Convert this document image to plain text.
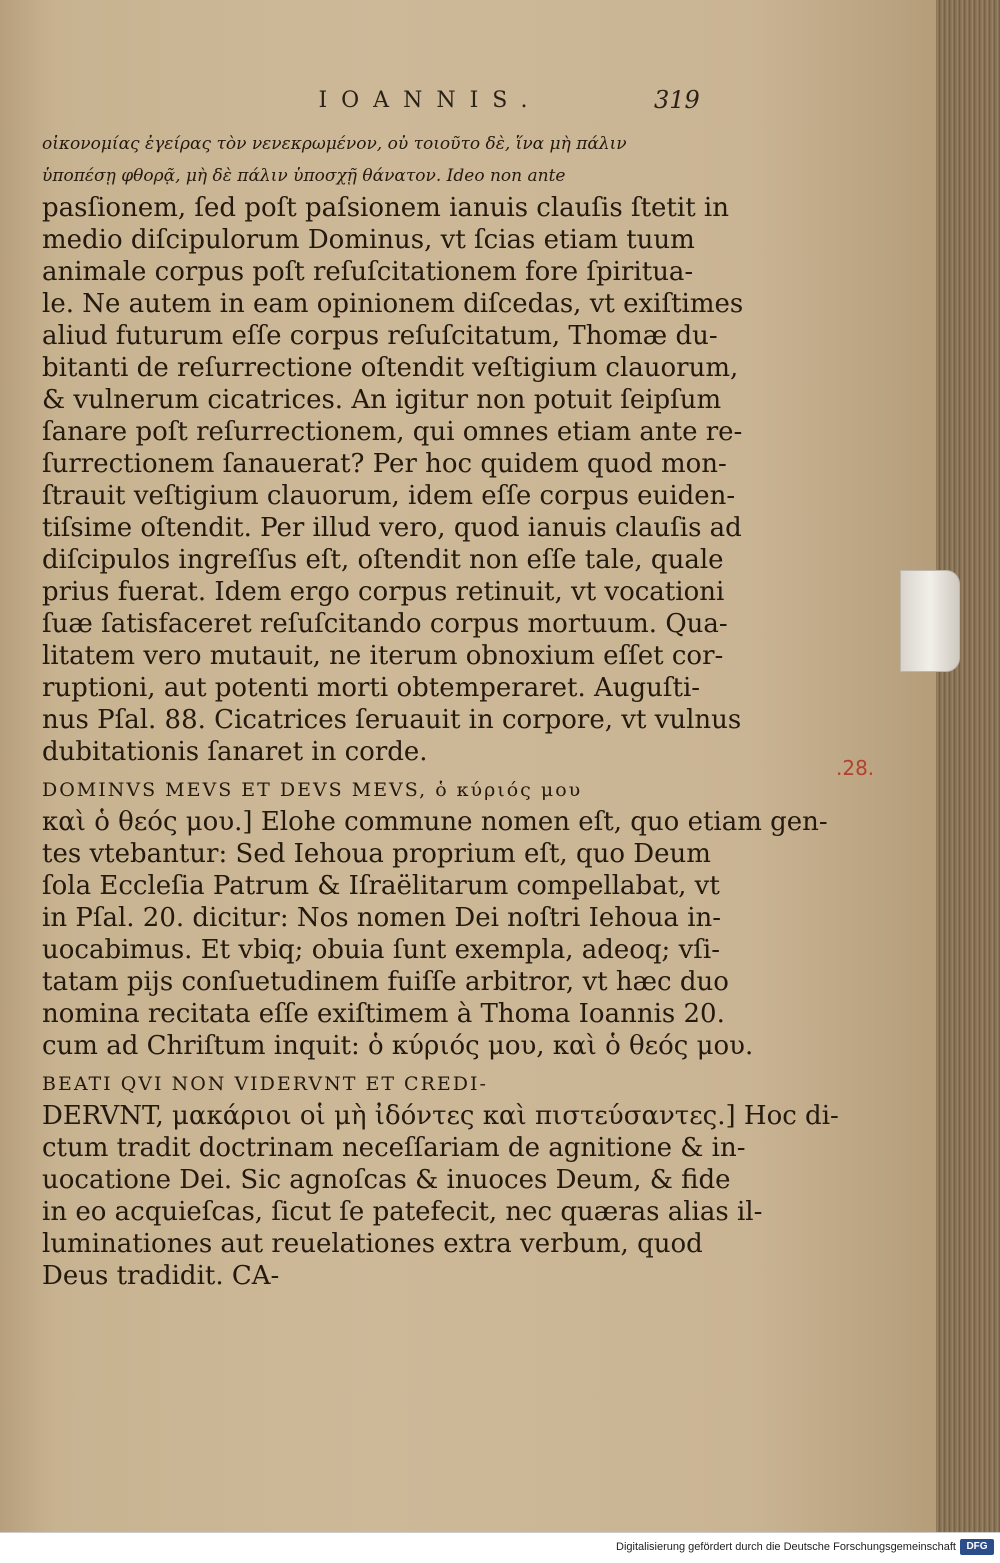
IOANNIS.	319
.28.
οἰκονομίας ἐγείρας τὸν νενεκρωμένον, οὐ τοιοῦτο δὲ, ἵνα μὴ πάλιν
ὑποπέσῃ φθορᾷ, μὴ δὲ πάλιν ὑποσχῇ θάνατον. Ideo non ante
pasſionem, ſed poſt paſsionem ianuis clauſis ſtetit in
medio diſcipulorum Dominus, vt ſcias etiam tuum
animale corpus poſt reſuſcitationem fore ſpiritua-
le. Ne autem in eam opinionem diſcedas, vt exiſtimes
aliud futurum eſſe corpus reſuſcitatum, Thomæ du-
bitanti de reſurrectione oſtendit veſtigium clauorum,
& vulnerum cicatrices. An igitur non potuit ſeipſum
ſanare poſt reſurrectionem, qui omnes etiam ante re-
ſurrectionem ſanauerat? Per hoc quidem quod mon-
ſtrauit veſtigium clauorum, idem eſſe corpus euiden-
tiſsime oſtendit. Per illud vero, quod ianuis clauſis ad
diſcipulos ingreſſus eſt, oſtendit non eſſe tale, quale
prius fuerat. Idem ergo corpus retinuit, vt vocationi
ſuæ ſatisfaceret reſuſcitando corpus mortuum. Qua-
litatem vero mutauit, ne iterum obnoxium eſſet cor-
ruptioni, aut potenti morti obtemperaret. Auguſti-
nus Pſal. 88. Cicatrices ſeruauit in corpore, vt vulnus
dubitationis ſanaret in corde.
DOMINVS MEVS ET DEVS MEVS, ὁ κύριός μου
καὶ ὁ θεός μου.] Elohe commune nomen eſt, quo etiam gen-
tes vtebantur: Sed Iehoua proprium eſt, quo Deum
ſola Eccleſia Patrum & Iſraëlitarum compellabat, vt
in Pſal. 20. dicitur: Nos nomen Dei noſtri Iehoua in-
uocabimus. Et vbiq; obuia ſunt exempla, adeoq; vſi-
tatam pijs conſuetudinem fuiſſe arbitror, vt hæc duo
nomina recitata eſſe exiſtimem à Thoma Ioannis 20.
cum ad Chriſtum inquit: ὁ κύριός μου, καὶ ὁ θεός μου.
BEATI QVI NON VIDERVNT ET CREDI-
DERVNT, μακάριοι οἱ μὴ ἰδόντες καὶ πιστεύσαντες.] Hoc di-
ctum tradit doctrinam neceſſariam de agnitione & in-
uocatione Dei. Sic agnoſcas & inuoces Deum, & fide
in eo acquieſcas, ſicut ſe patefecit, nec quæras alias il-
luminationes aut reuelationes extra verbum, quod
Deus tradidit. CA-
Digitalisierung gefördert durch die Deutsche Forschungsgemeinschaft	DFG
